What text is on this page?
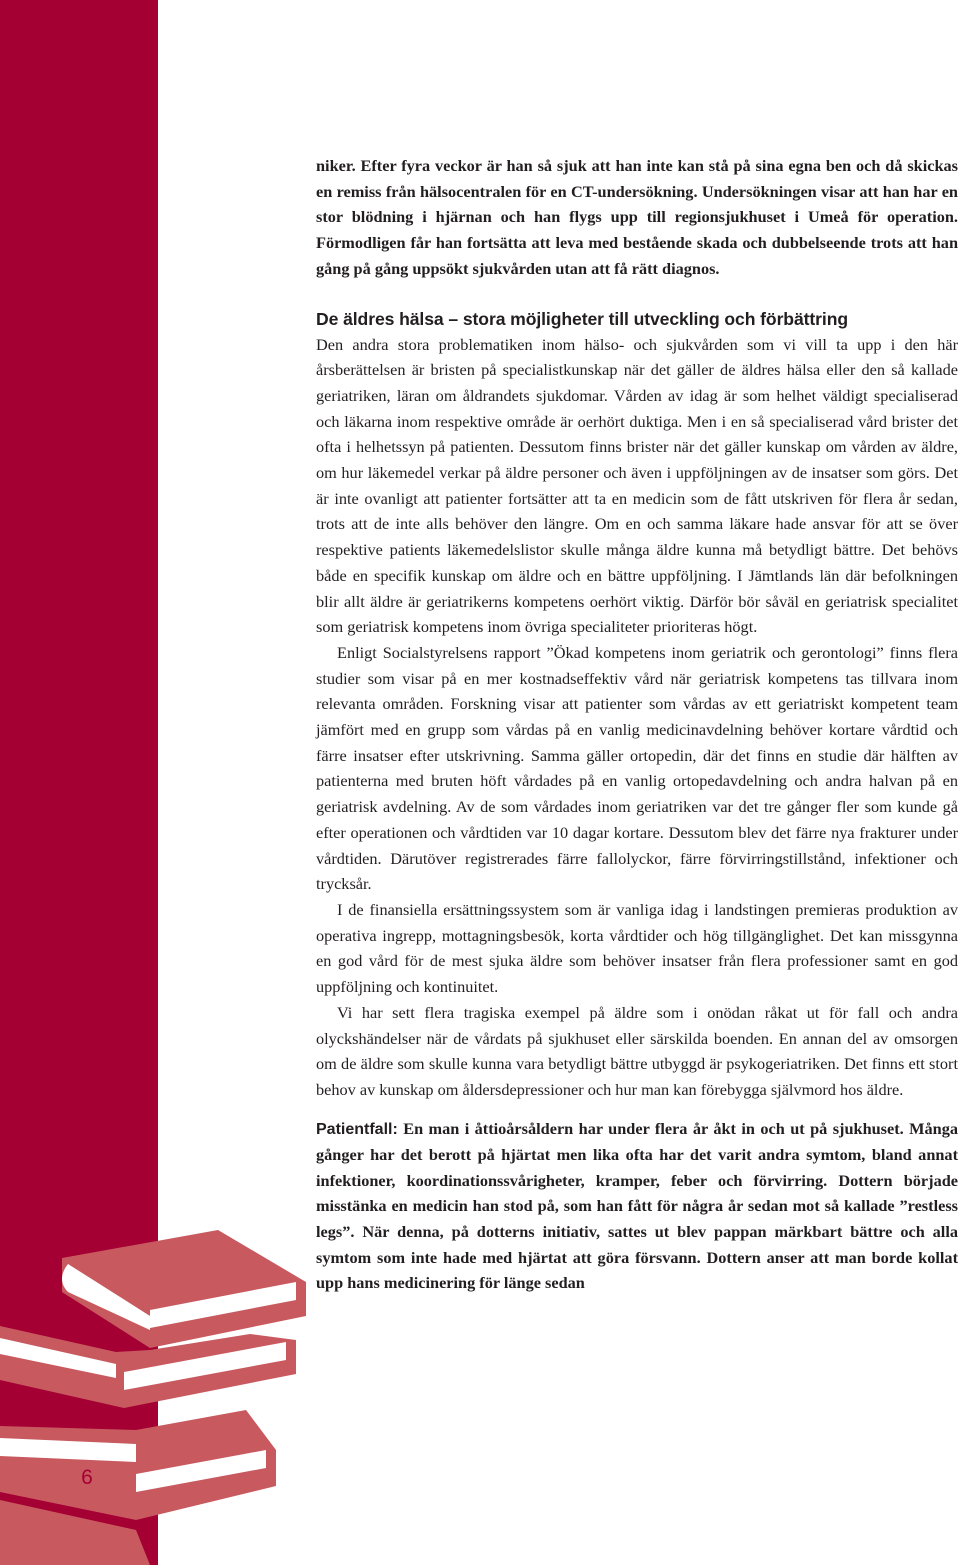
6

niker. Efter fyra veckor är han så sjuk att han inte kan stå på sina egna ben och då skickas en remiss från hälsocentralen för en CT-undersökning. Undersökningen visar att han har en stor blödning i hjärnan och han flygs upp till regionsjukhuset i Umeå för operation. Förmodligen får han fortsätta att leva med bestående skada och dubbelseende trots att han gång på gång uppsökt sjukvården utan att få rätt diagnos.

De äldres hälsa – stora möjligheter till utveckling och förbättring

Den andra stora problematiken inom hälso- och sjukvården som vi vill ta upp i den här årsberättelsen är bristen på specialistkunskap när det gäller de äldres hälsa eller den så kallade geriatriken, läran om åldrandets sjukdomar. Vården av idag är som helhet väldigt specialiserad och läkarna inom respektive område är oerhört duktiga. Men i en så specialiserad vård brister det ofta i helhetssyn på patienten. Dessutom finns brister när det gäller kunskap om vården av äldre, om hur läkemedel verkar på äldre personer och även i uppföljningen av de insatser som görs. Det är inte ovanligt att patienter fortsätter att ta en medicin som de fått utskriven för flera år sedan, trots att de inte alls behöver den längre. Om en och samma läkare hade ansvar för att se över respektive patients läkemedelslistor skulle många äldre kunna må betydligt bättre. Det behövs både en specifik kunskap om äldre och en bättre uppföljning. I Jämtlands län där befolkningen blir allt äldre är geriatrikerns kompetens oerhört viktig. Därför bör såväl en geriatrisk specialitet som geriatrisk kompetens inom övriga specialiteter prioriteras högt.

Enligt Socialstyrelsens rapport ”Ökad kompetens inom geriatrik och gerontologi” finns flera studier som visar på en mer kostnadseffektiv vård när geriatrisk kompetens tas tillvara inom relevanta områden. Forskning visar att patienter som vårdas av ett geriatriskt kompetent team jämfört med en grupp som vårdas på en vanlig medicinavdelning behöver kortare vårdtid och färre insatser efter utskrivning. Samma gäller ortopedin, där det finns en studie där hälften av patienterna med bruten höft vårdades på en vanlig ortopedavdelning och andra halvan på en geriatrisk avdelning. Av de som vårdades inom geriatriken var det tre gånger fler som kunde gå efter operationen och vårdtiden var 10 dagar kortare. Dessutom blev det färre nya frakturer under vårdtiden. Därutöver registrerades färre fallolyckor, färre förvirringstillstånd, infektioner och trycksår.

I de finansiella ersättningssystem som är vanliga idag i landstingen premieras produktion av operativa ingrepp, mottagningsbesök, korta vårdtider och hög tillgänglighet. Det kan missgynna en god vård för de mest sjuka äldre som behöver insatser från flera professioner samt en god uppföljning och kontinuitet.

Vi har sett flera tragiska exempel på äldre som i onödan råkat ut för fall och andra olyckshändelser när de vårdats på sjukhuset eller särskilda boenden. En annan del av omsorgen om de äldre som skulle kunna vara betydligt bättre utbyggd är psykogeriatriken. Det finns ett stort behov av kunskap om åldersdepressioner och hur man kan förebygga självmord hos äldre.

Patientfall: En man i åttioårsåldern har under flera år åkt in och ut på sjukhuset. Många gånger har det berott på hjärtat men lika ofta har det varit andra symtom, bland annat infektioner, koordinationssvårigheter, kramper, feber och förvirring. Dottern började misstänka en medicin han stod på, som han fått för några år sedan mot så kallade ”restless legs”. När denna, på dotterns initiativ, sattes ut blev pappan märkbart bättre och alla symtom som inte hade med hjärtat att göra försvann. Dottern anser att man borde kollat upp hans medicinering för länge sedan
